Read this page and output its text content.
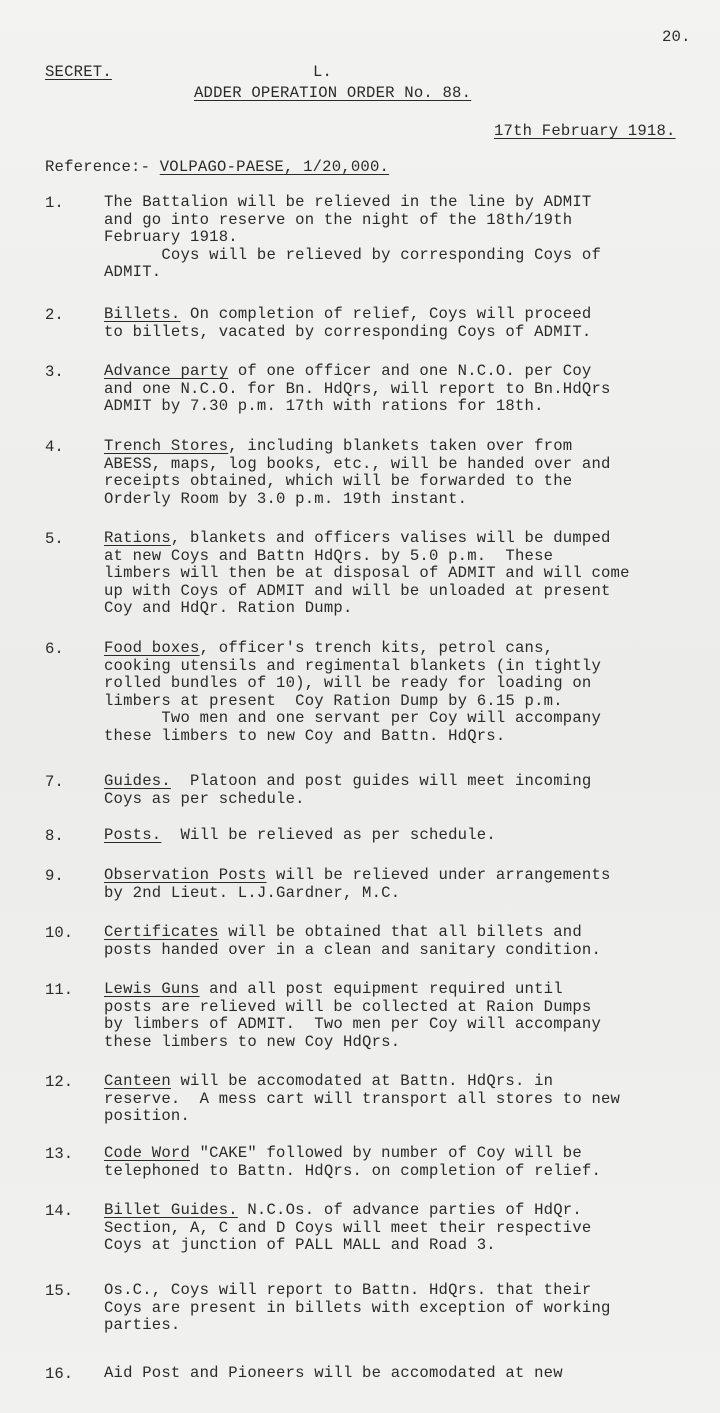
20.
SECRET.	L.
ADDER OPERATION ORDER No. 88.
17th February 1918.
Reference:- VOLPAGO-PAESE, 1/20,000.
1.	The Battalion will be relieved in the line by ADMIT
and go into reserve on the night of the 18th/19th
February 1918.
Coys will be relieved by corresponding Coys of
ADMIT.
2.	Billets. On completion of relief, Coys will proceed
to billets, vacated by corresponding Coys of ADMIT.
3.	Advance party of one officer and one N.C.O. per Coy
and one N.C.O. for Bn. HdQrs, will report to Bn.HdQrs
ADMIT by 7.30 p.m. 17th with rations for 18th.
4.	Trench Stores, including blankets taken over from
ABESS, maps, log books, etc., will be handed over and
receipts obtained, which will be forwarded to the
Orderly Room by 3.0 p.m. 19th instant.
5.	Rations, blankets and officers valises will be dumped
at new Coys and Battn HdQrs. by 5.0 p.m.  These
limbers will then be at disposal of ADMIT and will come
up with Coys of ADMIT and will be unloaded at present
Coy and HdQr. Ration Dump.
6.	Food boxes, officer's trench kits, petrol cans,
cooking utensils and regimental blankets (in tightly
rolled bundles of 10), will be ready for loading on
limbers at present  Coy Ration Dump by 6.15 p.m.
Two men and one servant per Coy will accompany
these limbers to new Coy and Battn. HdQrs.
7.	Guides.  Platoon and post guides will meet incoming
Coys as per schedule.
8.	Posts.  Will be relieved as per schedule.
9.	Observation Posts will be relieved under arrangements
by 2nd Lieut. L.J.Gardner, M.C.
10. Certificates will be obtained that all billets and
posts handed over in a clean and sanitary condition.
11. Lewis Guns and all post equipment required until
posts are relieved will be collected at Raion Dumps
by limbers of ADMIT.  Two men per Coy will accompany
these limbers to new Coy HdQrs.
12. Canteen will be accomodated at Battn. HdQrs. in
reserve.  A mess cart will transport all stores to new
position.
13. Code Word "CAKE" followed by number of Coy will be
telephoned to Battn. HdQrs. on completion of relief.
14. Billet Guides. N.C.Os. of advance parties of HdQr.
Section, A, C and D Coys will meet their respective
Coys at junction of PALL MALL and Road 3.
15. Os.C., Coys will report to Battn. HdQrs. that their
Coys are present in billets with exception of working
parties.
16. Aid Post and Pioneers will be accomodated at new
